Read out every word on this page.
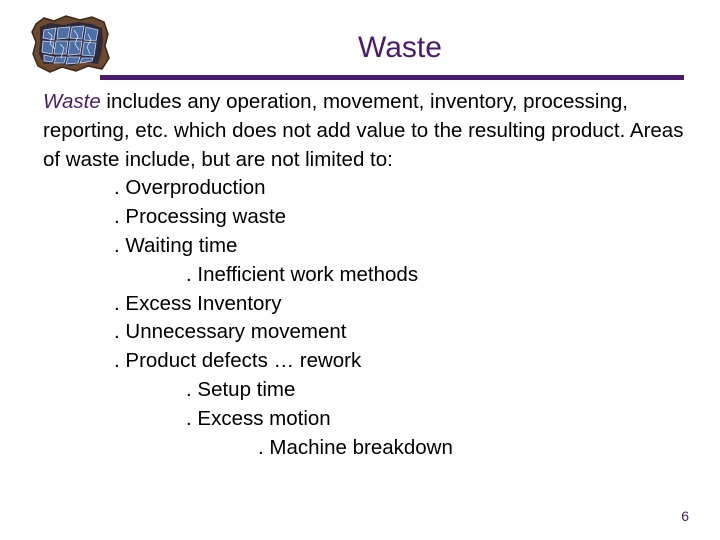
Waste

Waste includes any operation, movement, inventory, processing, reporting, etc. which does not add value to the resulting product. Areas of waste include, but are not limited to:

. Overproduction
. Processing waste
. Waiting time
. Inefficient work methods
. Excess Inventory
. Unnecessary movement
. Product defects … rework
. Setup time
. Excess motion
. Machine breakdown
6
